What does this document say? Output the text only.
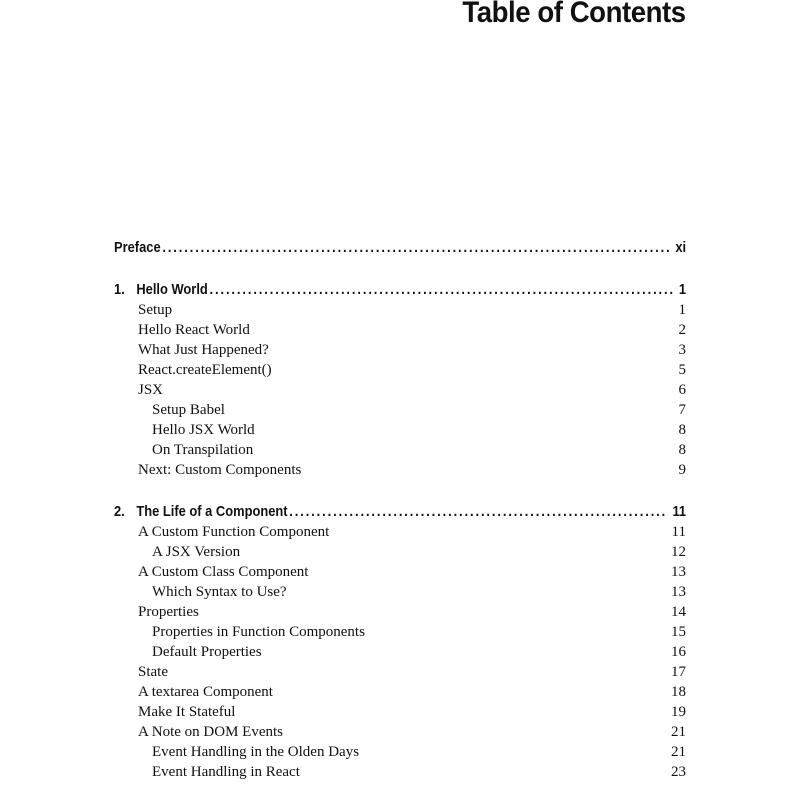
Table of Contents
Preface .....	xi
1. Hello World .....	1
Setup	1
Hello React World	2
What Just Happened?	3
React.createElement()	5
JSX	6
Setup Babel	7
Hello JSX World	8
On Transpilation	8
Next: Custom Components	9
2. The Life of a Component .....	11
A Custom Function Component	11
A JSX Version	12
A Custom Class Component	13
Which Syntax to Use?	13
Properties	14
Properties in Function Components	15
Default Properties	16
State	17
A textarea Component	18
Make It Stateful	19
A Note on DOM Events	21
Event Handling in the Olden Days	21
Event Handling in React	23
